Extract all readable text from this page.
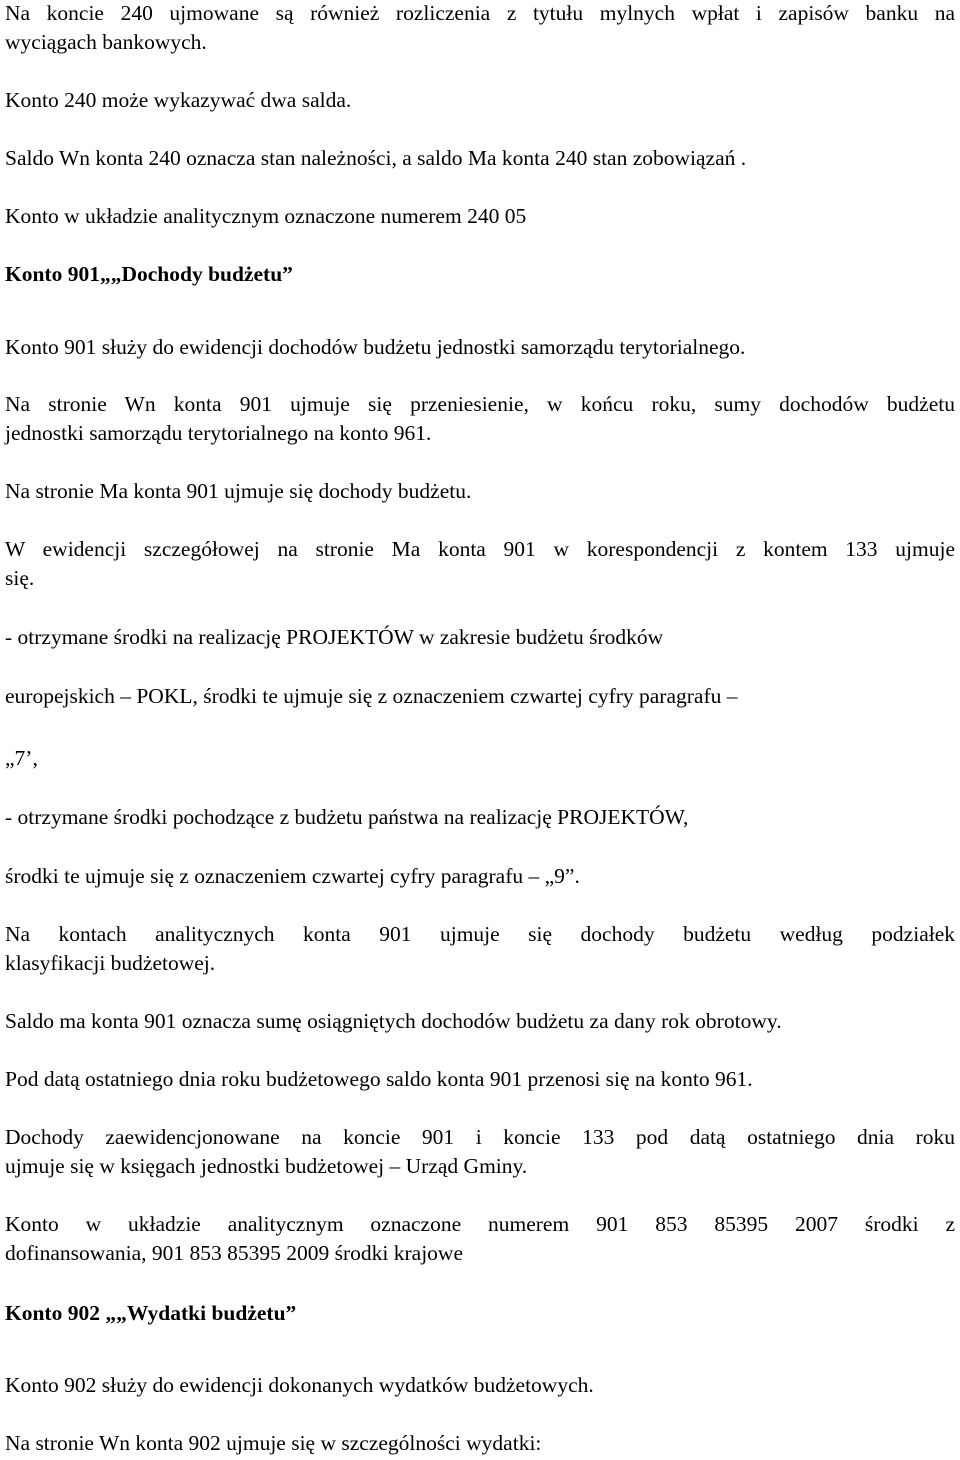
Na koncie 240 ujmowane są również rozliczenia z tytułu mylnych wpłat i zapisów banku na

wyciągach bankowych.

Konto 240 może wykazywać dwa salda.

Saldo Wn konta 240 oznacza stan należności, a saldo Ma konta 240 stan zobowiązań .

Konto w układzie analitycznym oznaczone numerem 240 05

Konto 901„„Dochody budżetu”

Konto 901 służy do ewidencji dochodów budżetu jednostki samorządu terytorialnego.

Na stronie Wn konta 901 ujmuje się przeniesienie, w końcu roku, sumy dochodów budżetu

jednostki samorządu terytorialnego na konto 961.

Na stronie Ma konta 901 ujmuje się dochody budżetu.

W ewidencji szczegółowej na stronie Ma konta 901 w korespondencji z kontem 133 ujmuje

się.

- otrzymane środki na realizację PROJEKTÓW w zakresie budżetu środków

europejskich – POKL, środki te ujmuje się z oznaczeniem czwartej cyfry paragrafu –

„7’,

- otrzymane środki pochodzące z budżetu państwa na realizację PROJEKTÓW,

środki te ujmuje się z oznaczeniem czwartej cyfry paragrafu – „9”.

Na kontach analitycznych konta 901 ujmuje się dochody budżetu według podziałek

klasyfikacji budżetowej.

Saldo ma konta 901 oznacza sumę osiągniętych dochodów budżetu za dany rok obrotowy.

Pod datą ostatniego dnia roku budżetowego saldo konta 901 przenosi się na konto 961.

Dochody zaewidencjonowane na koncie 901 i koncie 133 pod datą ostatniego dnia roku

ujmuje się w księgach jednostki budżetowej – Urząd Gminy.

Konto w układzie analitycznym oznaczone numerem 901 853 85395 2007 środki z

dofinansowania, 901 853 85395 2009 środki krajowe

Konto 902 „„Wydatki budżetu”

Konto 902 służy do ewidencji dokonanych wydatków budżetowych.

Na stronie Wn konta 902 ujmuje się w szczególności wydatki:
